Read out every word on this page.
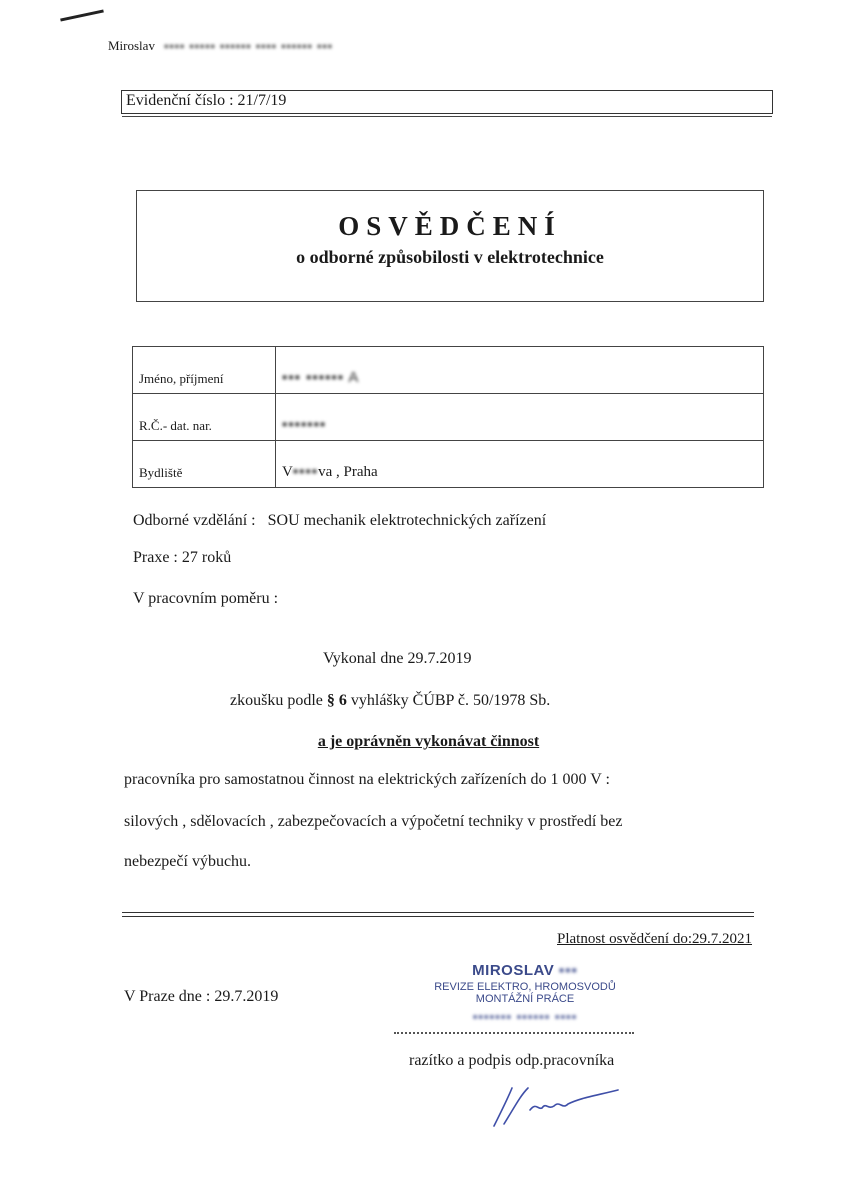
Miroslav ▪▪▪▪ ▪▪▪▪▪ ▪▪▪▪▪▪ ▪▪▪▪ ▪▪▪▪▪▪ ▪▪▪
Evidenční číslo : 21/7/19
OSVĚDČENÍ
o odborné způsobilosti v elektrotechnice
Jméno, příjmení	▪▪▪ ▪▪▪▪▪▪ A
R.Č.- dat. nar.	▪▪▪▪▪▪▪
Bydliště	V▪▪▪▪va , Praha
Odborné vzdělání : SOU mechanik elektrotechnických zařízení
Praxe : 27 roků
V pracovním poměru :
Vykonal dne 29.7.2019
zkoušku podle § 6 vyhlášky ČÚBP č. 50/1978 Sb.
a je oprávněn vykonávat činnost
pracovníka pro samostatnou činnost na elektrických zařízeních do 1 000 V :
silových , sdělovacích , zabezpečovacích a výpočetní techniky v prostředí bez
nebezpečí výbuchu.
Platnost osvědčení do:29.7.2021
V Praze dne : 29.7.2019
MIROSLAV ▪▪▪
REVIZE ELEKTRO, HROMOSVODŮ
MONTÁŽNÍ PRÁCE
▪▪▪▪▪▪▪ ▪▪▪▪▪▪ ▪▪▪▪
razítko a podpis odp.pracovníka
